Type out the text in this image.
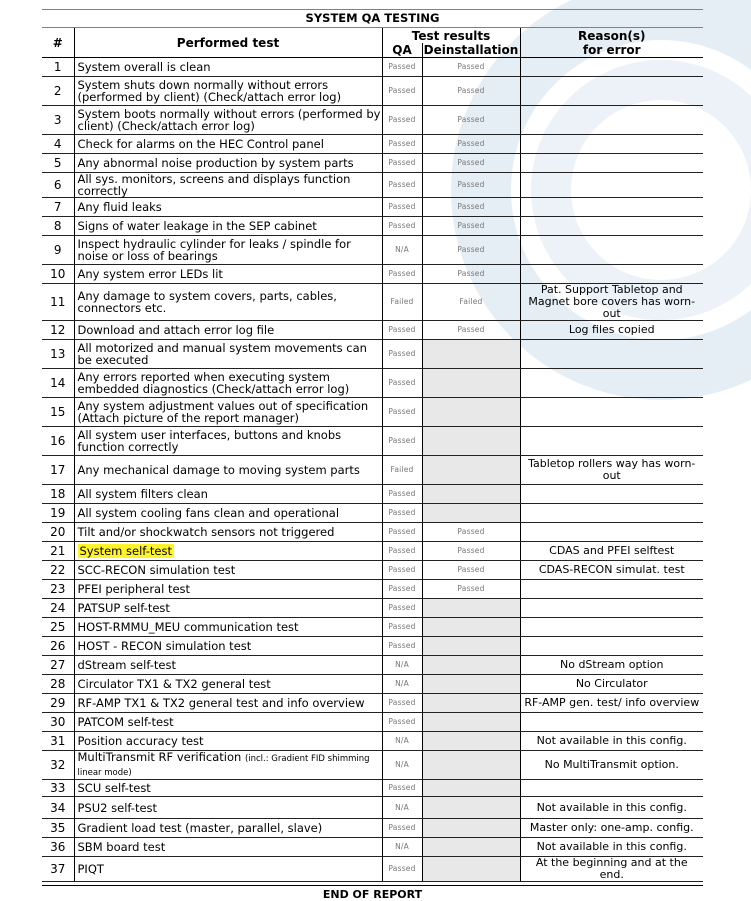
SYSTEM QA TESTING
#	Performed test	Test results		Reason(s)
for error
		QA	Deinstallation	
1	System overall is clean	Passed	Passed	
2	System shuts down normally without errors (performed by client) (Check/attach error log)	Passed	Passed	
3	System boots normally without errors (performed by client) (Check/attach error log)	Passed	Passed	
4	Check for alarms on the HEC Control panel	Passed	Passed	
5	Any abnormal noise production by system parts	Passed	Passed	
6	All sys. monitors, screens and displays function correctly	Passed	Passed	
7	Any fluid leaks	Passed	Passed	
8	Signs of water leakage in the SEP cabinet	Passed	Passed	
9	Inspect hydraulic cylinder for leaks / spindle for noise or loss of bearings	N/A	Passed	
10	Any system error LEDs lit	Passed	Passed	
11	Any damage to system covers, parts, cables, connectors etc.	Failed	Failed	Pat. Support Tabletop and Magnet bore covers has worn-out
12	Download and attach error log file	Passed	Passed	Log files copied
13	All motorized and manual system movements can be executed	Passed		
14	Any errors reported when executing system embedded diagnostics (Check/attach error log)	Passed		
15	Any system adjustment values out of specification (Attach picture of the report manager)	Passed		
16	All system user interfaces, buttons and knobs function correctly	Passed		
17	Any mechanical damage to moving system parts	Failed		Tabletop rollers way has worn-out
18	All system filters clean	Passed		
19	All system cooling fans clean and operational	Passed		
20	Tilt and/or shockwatch sensors not triggered	Passed	Passed	
21	System self-test	Passed	Passed	CDAS and PFEI selftest
22	SCC-RECON simulation test	Passed	Passed	CDAS-RECON simulat. test
23	PFEI peripheral test	Passed	Passed	
24	PATSUP self-test	Passed		
25	HOST-RMMU_MEU communication test	Passed		
26	HOST - RECON simulation test	Passed		
27	dStream self-test	N/A		No dStream option
28	Circulator TX1 & TX2 general test	N/A		No Circulator
29	RF-AMP TX1 & TX2 general test and info overview	Passed		RF-AMP gen. test/ info overview
30	PATCOM self-test	Passed		
31	Position accuracy test	N/A		Not available in this config.
32	MultiTransmit RF verification (incl.: Gradient FID shimming linear mode)	N/A		No MultiTransmit option.
33	SCU self-test	Passed		
34	PSU2 self-test	N/A		Not available in this config.
35	Gradient load test (master, parallel, slave)	Passed		Master only: one-amp. config.
36	SBM board test	N/A		Not available in this config.
37	PIQT	Passed		At the beginning and at the end.
END OF REPORT
